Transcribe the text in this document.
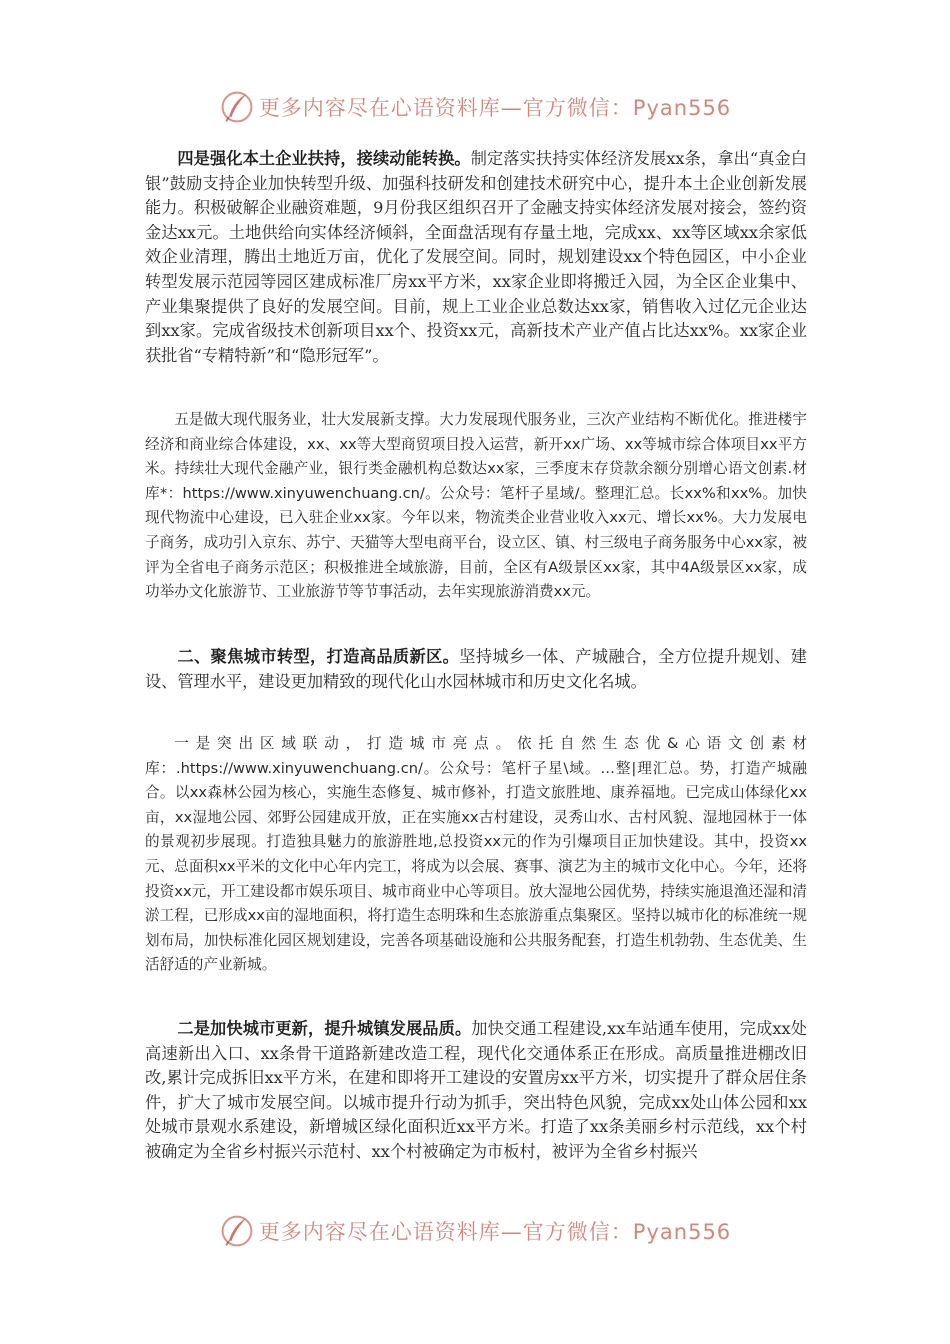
更多内容尽在心语资料库—官方微信：Pyan556

四是强化本土企业扶持，接续动能转换。制定落实扶持实体经济发展xx条，拿出“真金白银”鼓励支持企业加快转型升级、加强科技研发和创建技术研究中心，提升本土企业创新发展能力。积极破解企业融资难题，9月份我区组织召开了金融支持实体经济发展对接会，签约资金达xx元。土地供给向实体经济倾斜，全面盘活现有存量土地，完成xx、xx等区域xx余家低效企业清理，腾出土地近万亩，优化了发展空间。同时，规划建设xx个特色园区，中小企业转型发展示范园等园区建成标准厂房xx平方米，xx家企业即将搬迁入园，为全区企业集中、产业集聚提供了良好的发展空间。目前，规上工业企业总数达xx家，销售收入过亿元企业达到xx家。完成省级技术创新项目xx个、投资xx元，高新技术产业产值占比达xx%。xx家企业获批省“专精特新”和“隐形冠军”。

五是做大现代服务业，壮大发展新支撑。大力发展现代服务业，三次产业结构不断优化。推进楼宇经济和商业综合体建设，xx、xx等大型商贸项目投入运营，新开xx广场、xx等城市综合体项目xx平方米。持续壮大现代金融产业，银行类金融机构总数达xx家，三季度末存贷款余额分别增心语文创素.材库*：https://www.xinyuwenchuang.cn/。公众号：笔杆子星域/。整理汇总。长xx%和xx%。加快现代物流中心建设，已入驻企业xx家。今年以来，物流类企业营业收入xx元、增长xx%。大力发展电子商务，成功引入京东、苏宁、天猫等大型电商平台，设立区、镇、村三级电子商务服务中心xx家，被评为全省电子商务示范区；积极推进全域旅游，目前，全区有A级景区xx家，其中4A级景区xx家，成功举办文化旅游节、工业旅游节等节事活动，去年实现旅游消费xx元。

二、聚焦城市转型，打造高品质新区。坚持城乡一体、产城融合，全方位提升规划、建设、管理水平，建设更加精致的现代化山水园林城市和历史文化名城。

一是突出区域联动，打造城市亮点。依托自然生态优&心语文创素材库：.https://www.xinyuwenchuang.cn/。公众号：笔杆子星\域。…整|理汇总。势，打造产城融合。以xx森林公园为核心，实施生态修复、城市修补，打造文旅胜地、康养福地。已完成山体绿化xx亩，xx湿地公园、郊野公园建成开放，正在实施xx古村建设，灵秀山水、古村风貌、湿地园林于一体的景观初步展现。打造独具魅力的旅游胜地,总投资xx元的作为引爆项目正加快建设。其中，投资xx元、总面积xx平米的文化中心年内完工，将成为以会展、赛事、演艺为主的城市文化中心。今年，还将投资xx元，开工建设都市娱乐项目、城市商业中心等项目。放大湿地公园优势，持续实施退渔还湿和清淤工程，已形成xx亩的湿地面积，将打造生态明珠和生态旅游重点集聚区。坚持以城市化的标准统一规划布局，加快标准化园区规划建设，完善各项基础设施和公共服务配套，打造生机勃勃、生态优美、生活舒适的产业新城。

二是加快城市更新，提升城镇发展品质。加快交通工程建设,xx车站通车使用，完成xx处高速新出入口、xx条骨干道路新建改造工程，现代化交通体系正在形成。高质量推进棚改旧改,累计完成拆旧xx平方米，在建和即将开工建设的安置房xx平方米，切实提升了群众居住条件，扩大了城市发展空间。以城市提升行动为抓手，突出特色风貌，完成xx处山体公园和xx处城市景观水系建设，新增城区绿化面积近xx平方米。打造了xx条美丽乡村示范线，xx个村被确定为全省乡村振兴示范村、xx个村被确定为市板村，被评为全省乡村振兴

更多内容尽在心语资料库—官方微信：Pyan556
